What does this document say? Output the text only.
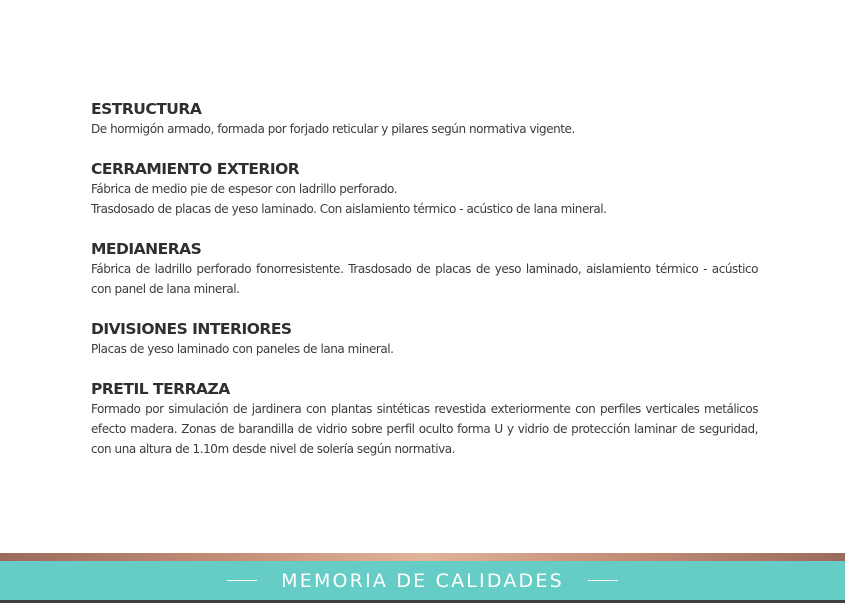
ESTRUCTURA

De hormigón armado, formada por forjado reticular y pilares según normativa vigente.

CERRAMIENTO EXTERIOR

Fábrica de medio pie de espesor con ladrillo perforado.

Trasdosado de placas de yeso laminado. Con aislamiento térmico - acústico de lana mineral.

MEDIANERAS

Fábrica de ladrillo perforado fonorresistente. Trasdosado de placas de yeso laminado, aislamiento térmico - acústico con panel de lana mineral.

DIVISIONES INTERIORES

Placas de yeso laminado con paneles de lana mineral.

PRETIL TERRAZA

Formado por simulación de jardinera con plantas sintéticas revestida exteriormente con perfiles verticales metálicos efecto madera. Zonas de barandilla de vidrio sobre perfil oculto forma U y vidrio de protección laminar de seguridad, con una altura de 1.10m desde nivel de solería según normativa.

MEMORIA DE CALIDADES
